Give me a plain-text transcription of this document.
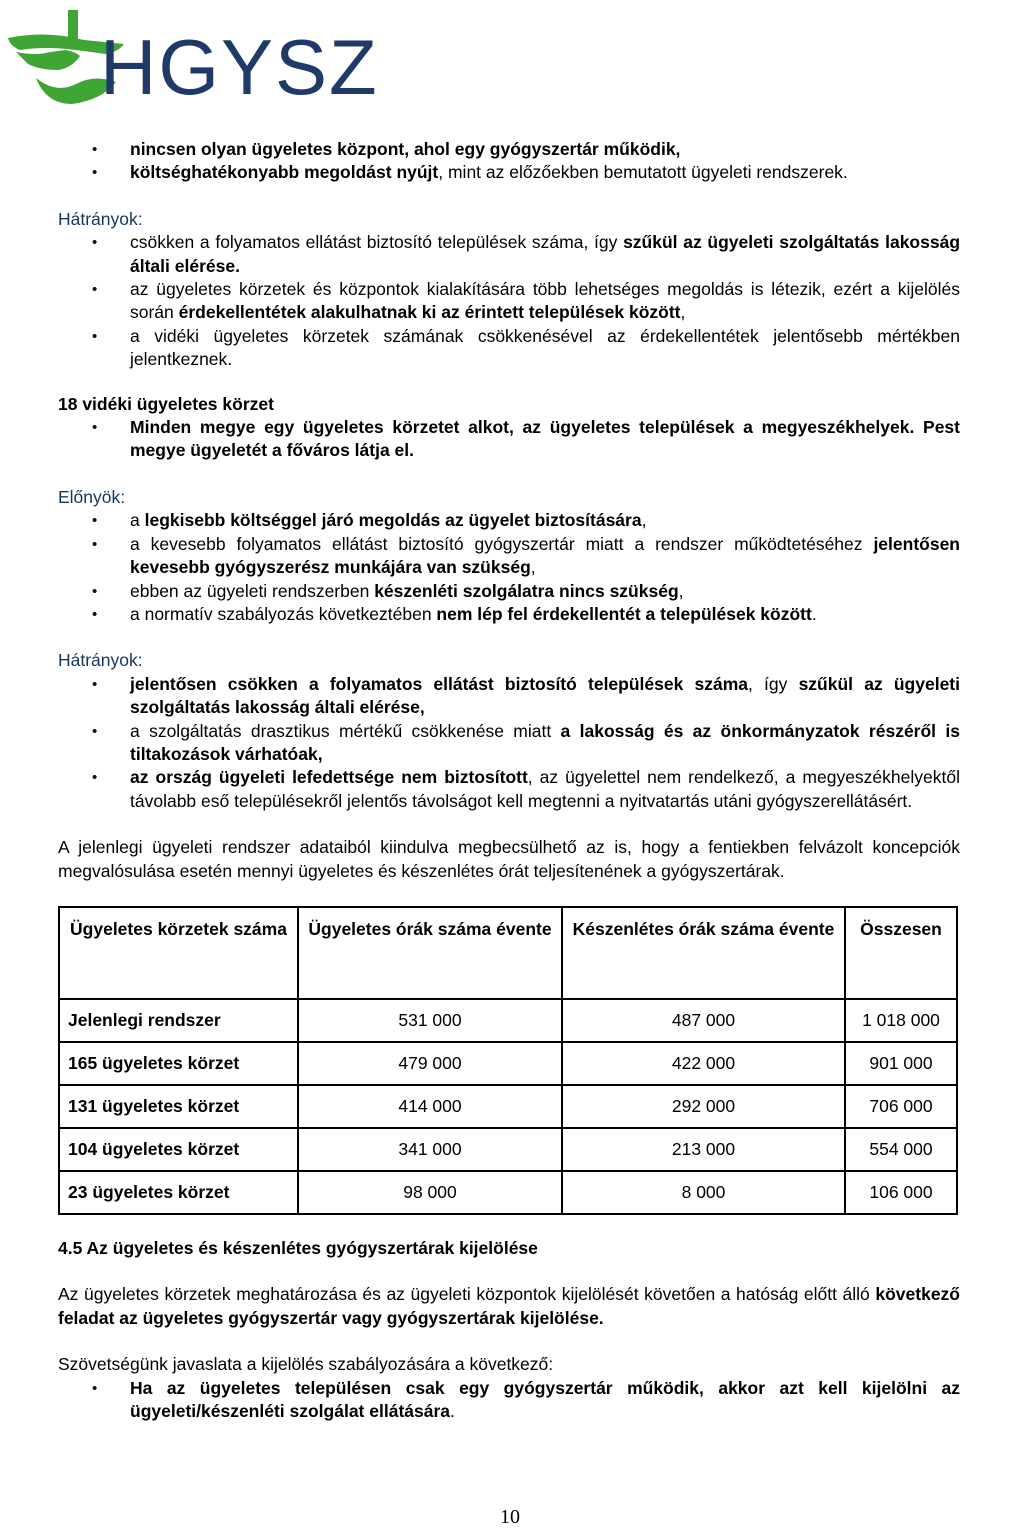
HGYSZ
• nincsen olyan ügyeletes központ, ahol egy gyógyszertár működik,
• költséghatékonyabb megoldást nyújt, mint az előzőekben bemutatott ügyeleti rendszerek.
Hátrányok:
• csökken a folyamatos ellátást biztosító települések száma, így szűkül az ügyeleti szolgáltatás lakosság általi elérése.
• az ügyeletes körzetek és központok kialakítására több lehetséges megoldás is létezik, ezért a kijelölés során érdekellentétek alakulhatnak ki az érintett települések között,
• a vidéki ügyeletes körzetek számának csökkenésével az érdekellentétek jelentősebb mértékben jelentkeznek.
18 vidéki ügyeletes körzet
• Minden megye egy ügyeletes körzetet alkot, az ügyeletes települések a megyeszékhelyek. Pest megye ügyeletét a főváros látja el.
Előnyök:
• a legkisebb költséggel járó megoldás az ügyelet biztosítására,
• a kevesebb folyamatos ellátást biztosító gyógyszertár miatt a rendszer működtetéséhez jelentősen kevesebb gyógyszerész munkájára van szükség,
• ebben az ügyeleti rendszerben készenléti szolgálatra nincs szükség,
• a normatív szabályozás következtében nem lép fel érdekellentét a települések között.
Hátrányok:
• jelentősen csökken a folyamatos ellátást biztosító települések száma, így szűkül az ügyeleti szolgáltatás lakosság általi elérése,
• a szolgáltatás drasztikus mértékű csökkenése miatt a lakosság és az önkormányzatok részéről is tiltakozások várhatóak,
• az ország ügyeleti lefedettsége nem biztosított, az ügyelettel nem rendelkező, a megyeszékhelyektől távolabb eső településekről jelentős távolságot kell megtenni a nyitvatartás utáni gyógyszerellátásért.
A jelenlegi ügyeleti rendszer adataiból kiindulva megbecsülhető az is, hogy a fentiekben felvázolt koncepciók megvalósulása esetén mennyi ügyeletes és készenlétes órát teljesítenének a gyógyszertárak.
Ügyeletes körzetek száma	Ügyeletes órák száma évente	Készenlétes órák száma évente	Összesen
Jelenlegi rendszer	531 000	487 000	1 018 000
165 ügyeletes körzet	479 000	422 000	901 000
131 ügyeletes körzet	414 000	292 000	706 000
104 ügyeletes körzet	341 000	213 000	554 000
23 ügyeletes körzet	98 000	8 000	106 000
4.5 Az ügyeletes és készenlétes gyógyszertárak kijelölése
Az ügyeletes körzetek meghatározása és az ügyeleti központok kijelölését követően a hatóság előtt álló következő feladat az ügyeletes gyógyszertár vagy gyógyszertárak kijelölése.
Szövetségünk javaslata a kijelölés szabályozására a következő:
• Ha az ügyeletes településen csak egy gyógyszertár működik, akkor azt kell kijelölni az ügyeleti/készenléti szolgálat ellátására.
10
